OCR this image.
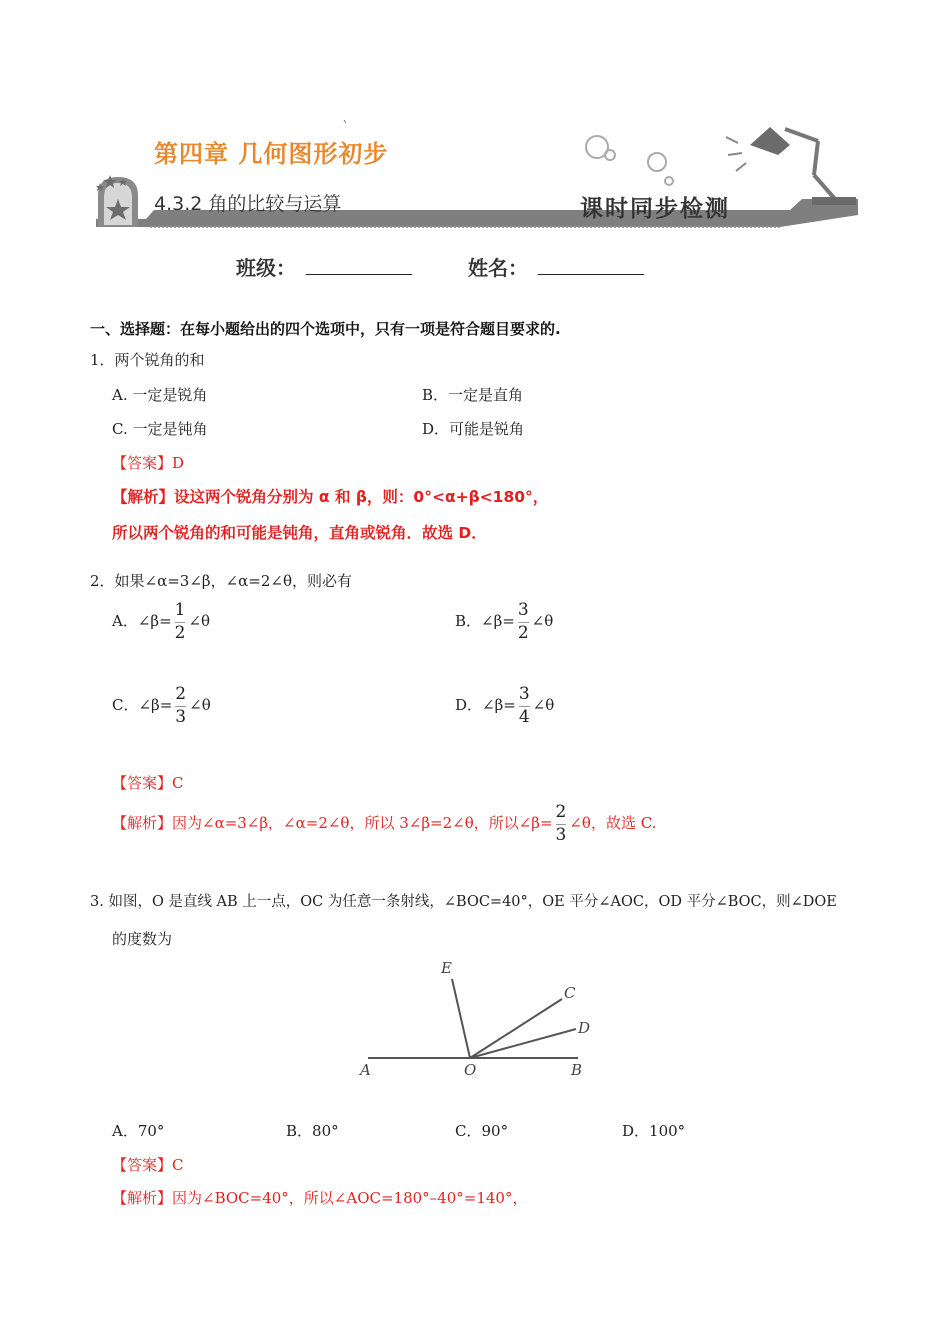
第四章 几何图形初步
4.3.2 角的比较与运算	课时同步检测
班级：	姓名：
一、选择题：在每小题给出的四个选项中，只有一项是符合题目要求的.
1．两个锐角的和
A. 一定是锐角	B．一定是直角
C. 一定是钝角	D．可能是锐角
【答案】D
【解析】设这两个锐角分别为 α 和 β，则：0°<α+β<180°，
所以两个锐角的和可能是钝角，直角或锐角．故选 D．
2．如果∠α=3∠β，∠α=2∠θ，则必有
A．∠β= $\frac{1}{2}$ ∠θ	B．∠β= $\frac{3}{2}$ ∠θ
C．∠β= $\frac{2}{3}$ ∠θ	D．∠β= $\frac{3}{4}$ ∠θ
【答案】C
【解析】因为∠α=3∠β，∠α=2∠θ，所以 3∠β=2∠θ，所以∠β= $\frac{2}{3}$ ∠θ，故选 C.
3. 如图，O 是直线 AB 上一点，OC 为任意一条射线，∠BOC=40°，OE 平分∠AOC，OD 平分∠BOC，则∠DOE
的度数为
E
C
D
A	O	B
A．70°	B．80°	C．90°	D．100°
【答案】C
【解析】因为∠BOC=40°，所以∠AOC=180°–40°=140°，
